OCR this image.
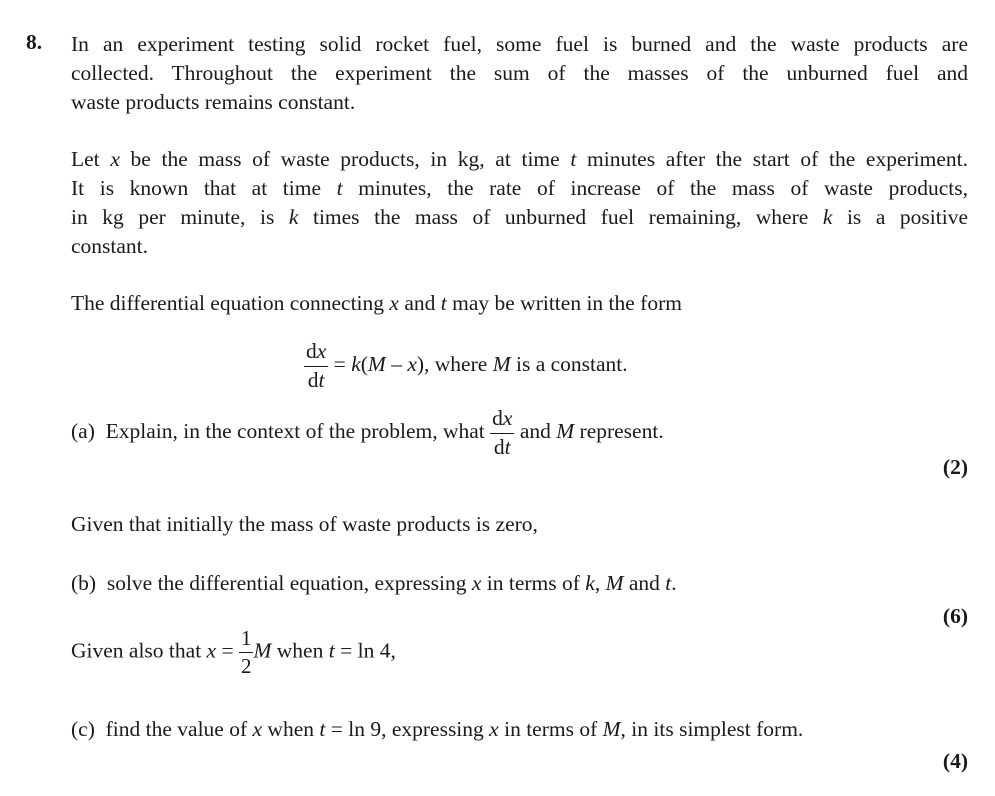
8. In an experiment testing solid rocket fuel, some fuel is burned and the waste products are
collected. Throughout the experiment the sum of the masses of the unburned fuel and
waste products remains constant.
Let x be the mass of waste products, in kg, at time t minutes after the start of the experiment.
It is known that at time t minutes, the rate of increase of the mass of waste products,
in kg per minute, is k times the mass of unburned fuel remaining, where k is a positive
constant.
The differential equation connecting x and t may be written in the form
$\frac{dx}{dt} = k(M - x)$, where M is a constant.
(a) Explain, in the context of the problem, what $\frac{dx}{dt}$ and M represent.
(2)
Given that initially the mass of waste products is zero,
(b) solve the differential equation, expressing x in terms of k, M and t.
(6)
Given also that $x = \frac{1}{2}$ M when t = ln 4,
(c) find the value of x when t = ln 9, expressing x in terms of M, in its simplest form.
(4)
